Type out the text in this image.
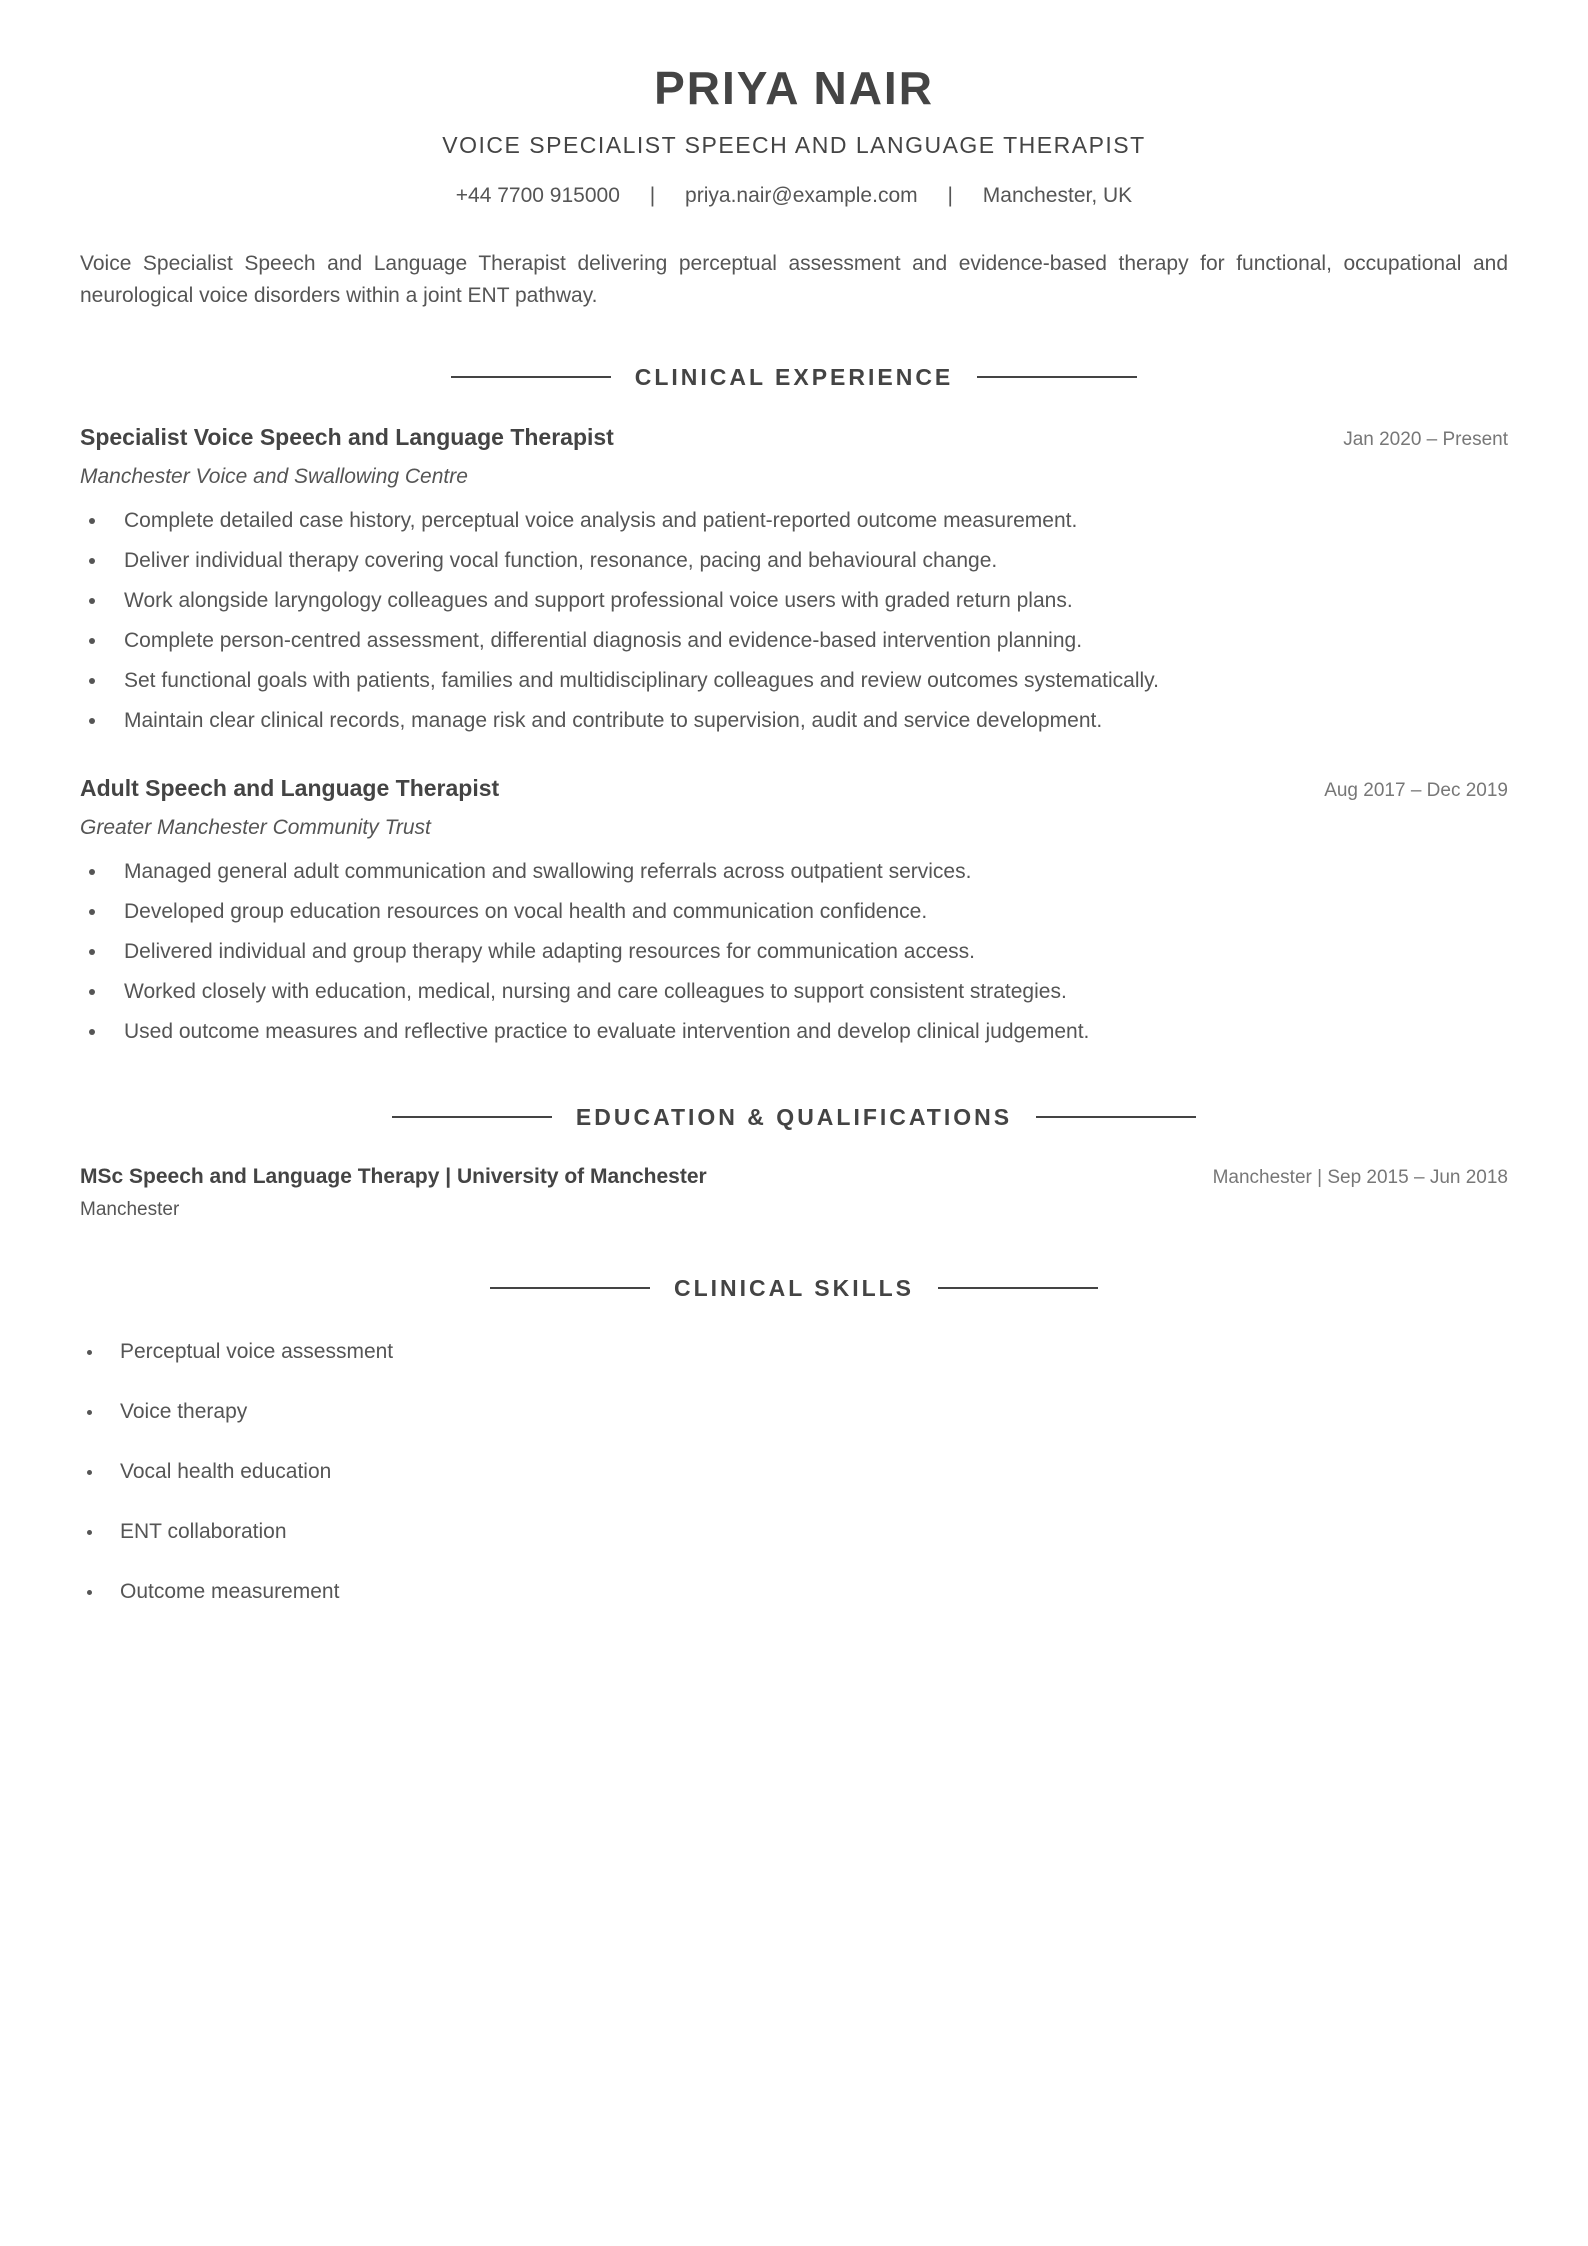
PRIYA NAIR
VOICE SPECIALIST SPEECH AND LANGUAGE THERAPIST
+44 7700 915000 | priya.nair@example.com | Manchester, UK
Voice Specialist Speech and Language Therapist delivering perceptual assessment and evidence-based therapy for functional, occupational and neurological voice disorders within a joint ENT pathway.
CLINICAL EXPERIENCE
Specialist Voice Speech and Language Therapist	Jan 2020 – Present
Manchester Voice and Swallowing Centre
Complete detailed case history, perceptual voice analysis and patient-reported outcome measurement.
Deliver individual therapy covering vocal function, resonance, pacing and behavioural change.
Work alongside laryngology colleagues and support professional voice users with graded return plans.
Complete person-centred assessment, differential diagnosis and evidence-based intervention planning.
Set functional goals with patients, families and multidisciplinary colleagues and review outcomes systematically.
Maintain clear clinical records, manage risk and contribute to supervision, audit and service development.
Adult Speech and Language Therapist	Aug 2017 – Dec 2019
Greater Manchester Community Trust
Managed general adult communication and swallowing referrals across outpatient services.
Developed group education resources on vocal health and communication confidence.
Delivered individual and group therapy while adapting resources for communication access.
Worked closely with education, medical, nursing and care colleagues to support consistent strategies.
Used outcome measures and reflective practice to evaluate intervention and develop clinical judgement.
EDUCATION & QUALIFICATIONS
MSc Speech and Language Therapy | University of Manchester	Manchester | Sep 2015 – Jun 2018
Manchester
CLINICAL SKILLS
Perceptual voice assessment
Voice therapy
Vocal health education
ENT collaboration
Outcome measurement
